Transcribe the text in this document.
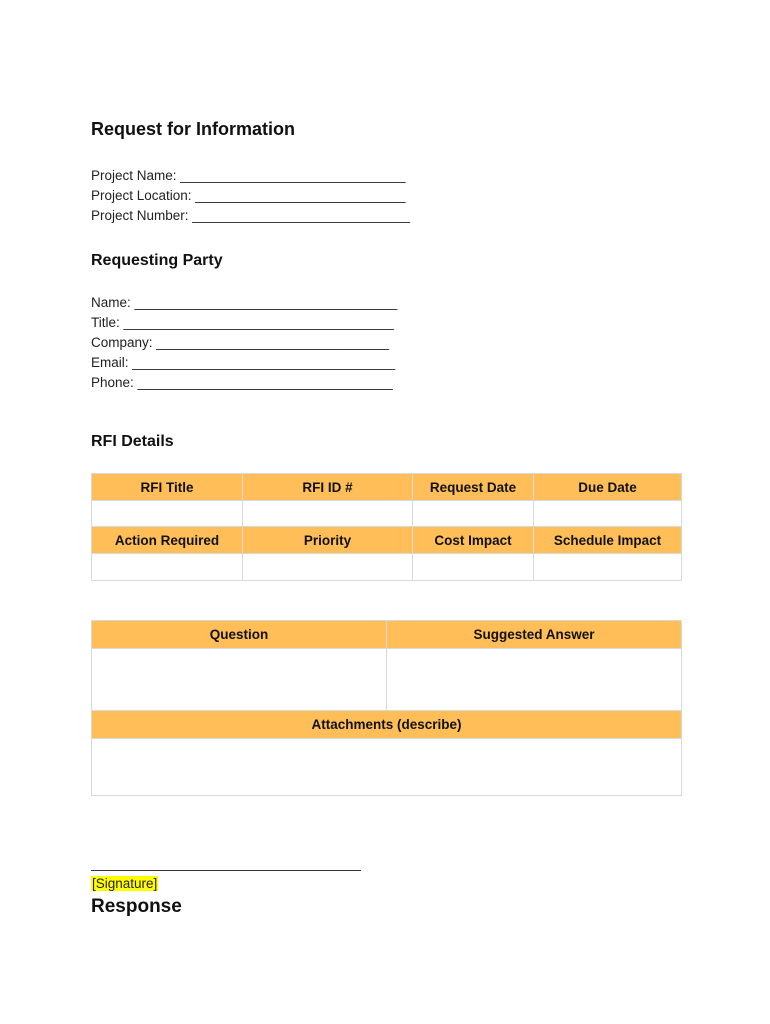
Request for Information
Project Name: ______________________________
Project Location: ____________________________
Project Number: _____________________________
Requesting Party
Name: ___________________________________
Title: ____________________________________
Company: _______________________________
Email: ___________________________________
Phone: __________________________________
RFI Details
RFI Title	RFI ID #	Request Date	Due Date

Action Required	Priority	Cost Impact	Schedule Impact

Question	Suggested Answer

Attachments (describe)	

[Signature]
Response
